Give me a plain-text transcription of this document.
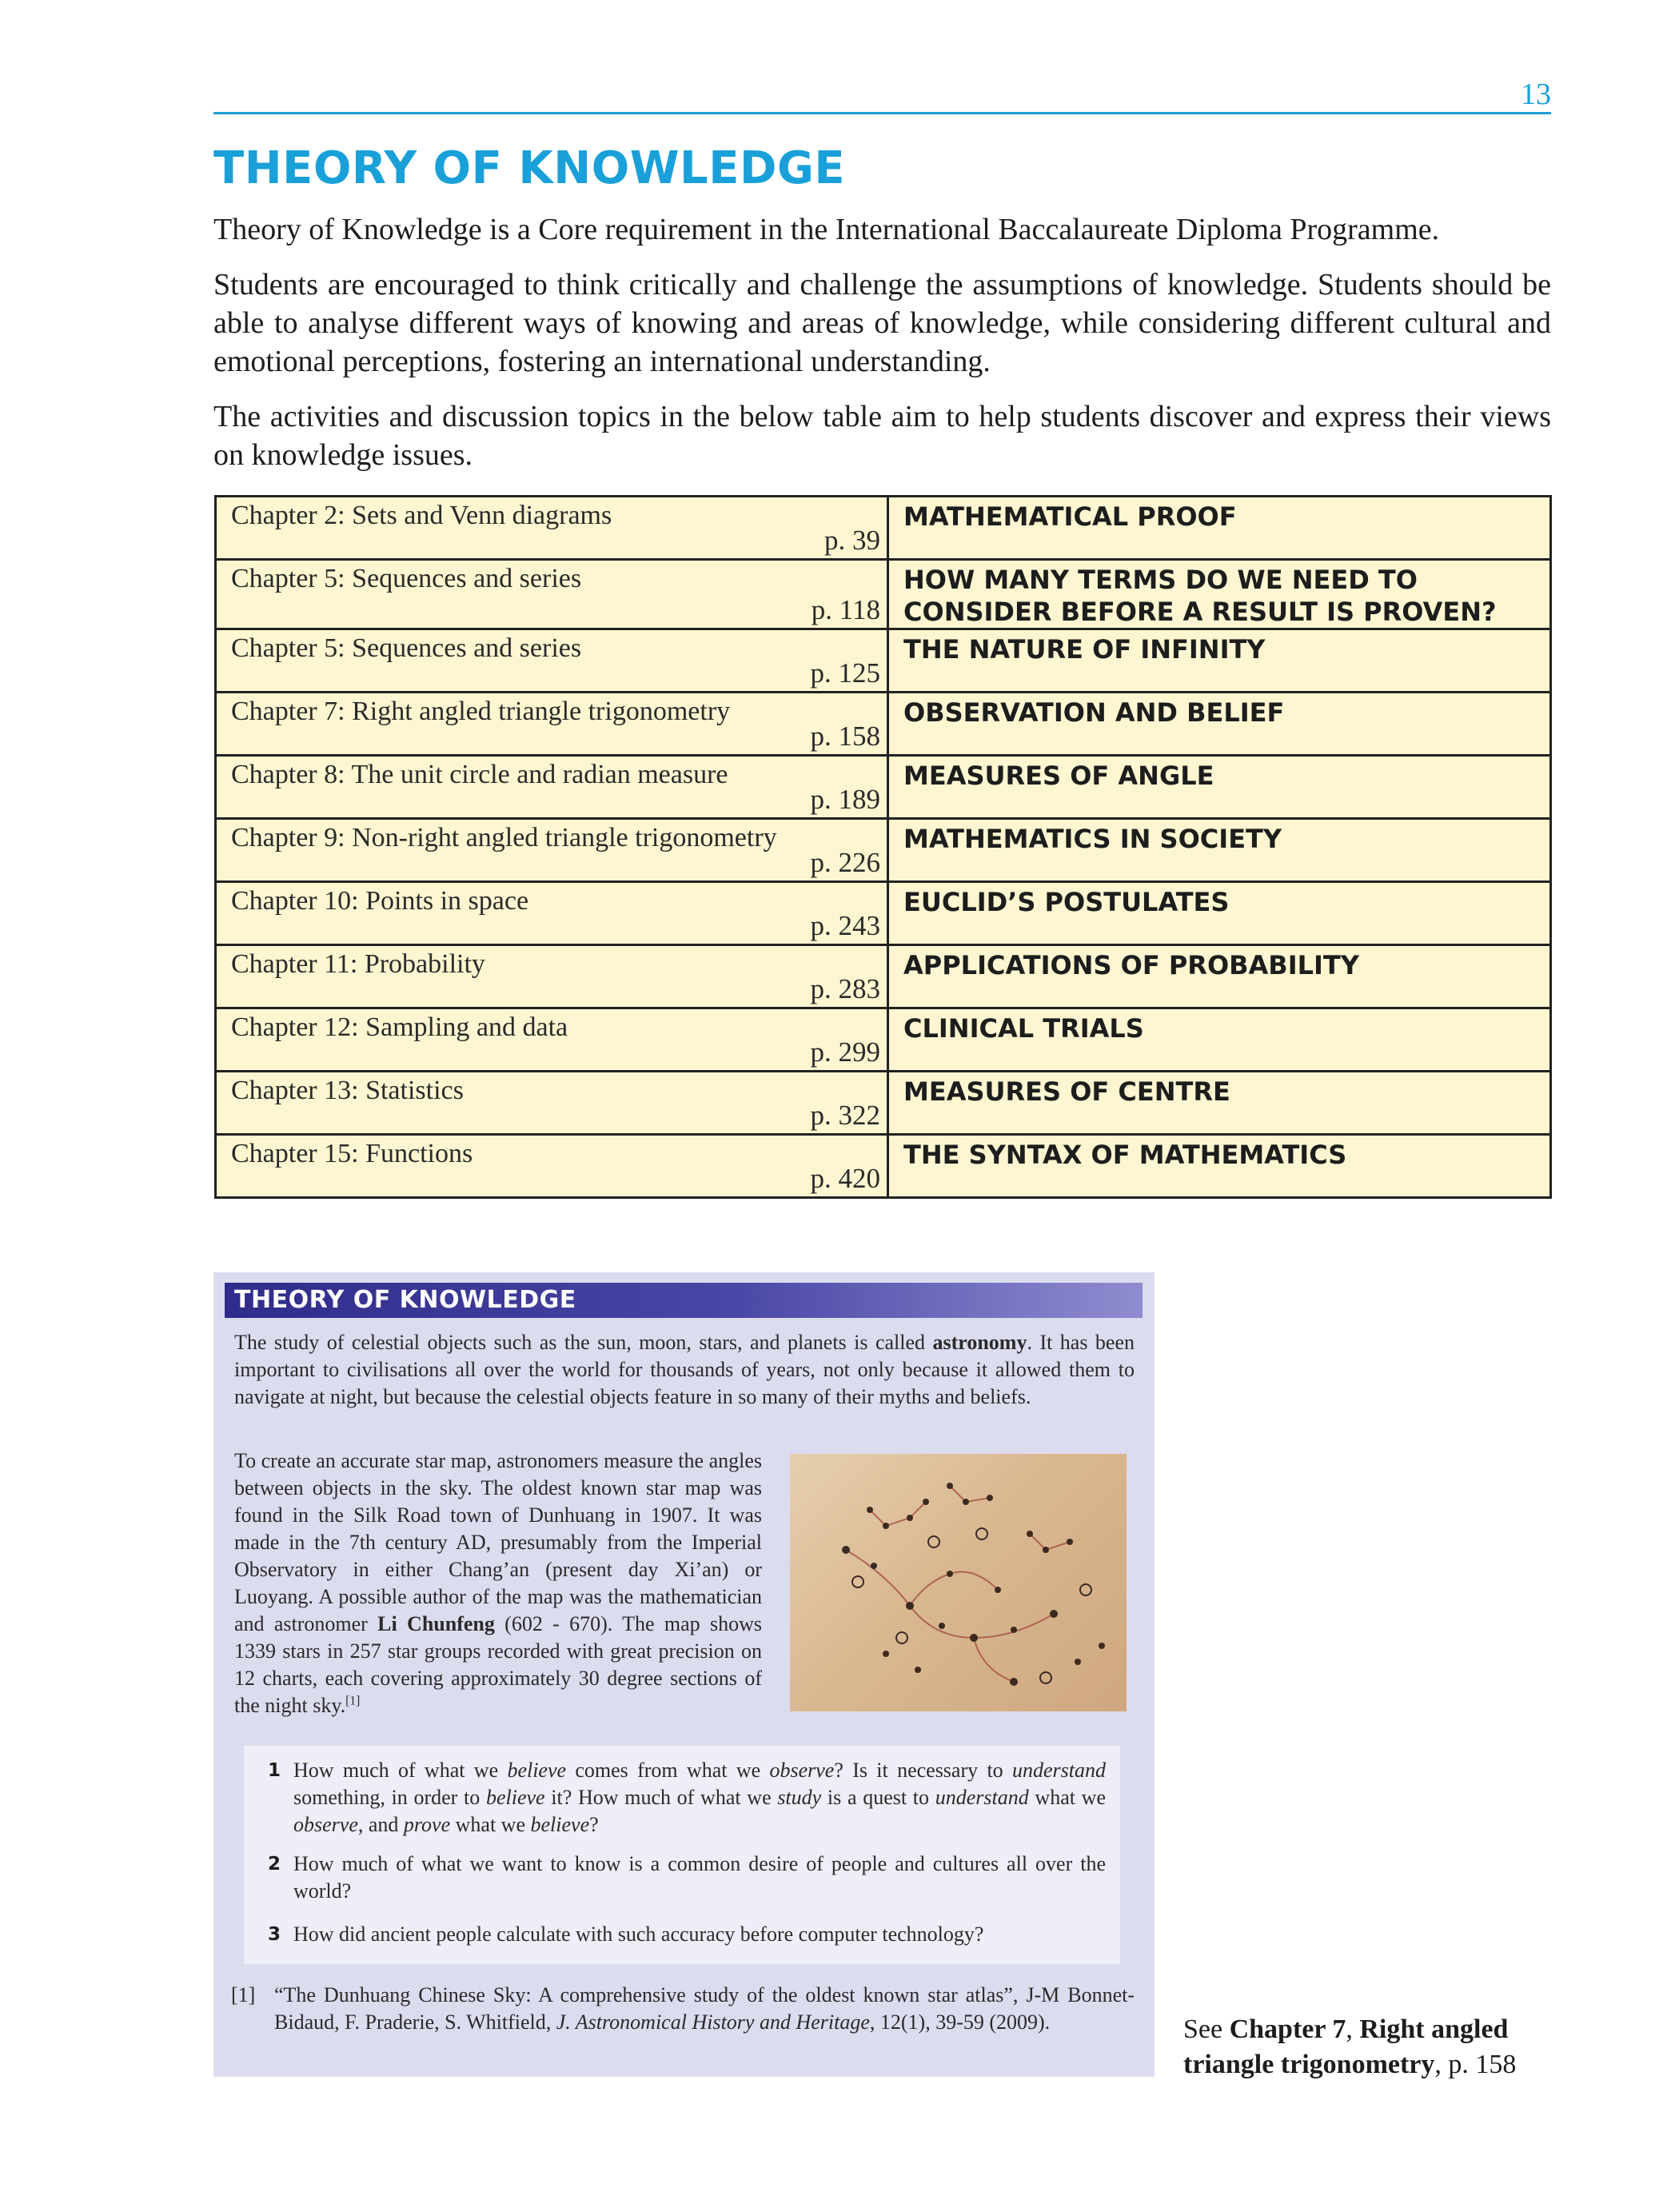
13
THEORY OF KNOWLEDGE

Theory of Knowledge is a Core requirement in the International Baccalaureate Diploma Programme.

Students are encouraged to think critically and challenge the assumptions of knowledge. Students should be able to analyse different ways of knowing and areas of knowledge, while considering different cultural and emotional perceptions, fostering an international understanding.

The activities and discussion topics in the below table aim to help students discover and express their views on knowledge issues.

Chapter 2: Sets and Venn diagrams
p. 39	MATHEMATICAL PROOF

Chapter 5: Sequences and series
p. 118	HOW MANY TERMS DO WE NEED TO CONSIDER BEFORE A RESULT IS PROVEN?

Chapter 5: Sequences and series
p. 125	THE NATURE OF INFINITY

Chapter 7: Right angled triangle trigonometry
p. 158	OBSERVATION AND BELIEF

Chapter 8: The unit circle and radian measure
p. 189	MEASURES OF ANGLE

Chapter 9: Non-right angled triangle trigonometry
p. 226	MATHEMATICS IN SOCIETY

Chapter 10: Points in space
p. 243	EUCLID’S POSTULATES

Chapter 11: Probability
p. 283	APPLICATIONS OF PROBABILITY

Chapter 12: Sampling and data
p. 299	CLINICAL TRIALS

Chapter 13: Statistics
p. 322	MEASURES OF CENTRE

Chapter 15: Functions
p. 420	THE SYNTAX OF MATHEMATICS
THEORY OF KNOWLEDGE

The study of celestial objects such as the sun, moon, stars, and planets is called astronomy. It has been important to civilisations all over the world for thousands of years, not only because it allowed them to navigate at night, but because the celestial objects feature in so many of their myths and beliefs.

To create an accurate star map, astronomers measure the angles between objects in the sky. The oldest known star map was found in the Silk Road town of Dunhuang in 1907. It was made in the 7th century AD, presumably from the Imperial Observatory in either Chang’an (present day Xi’an) or Luoyang. A possible author of the map was the mathematician and astronomer Li Chunfeng (602 - 670). The map shows 1339 stars in 257 star groups recorded with great precision on 12 charts, each covering approximately 30 degree sections of the night sky.[1]

1 How much of what we believe comes from what we observe? Is it necessary to understand something, in order to believe it? How much of what we study is a quest to understand what we observe, and prove what we believe?
2 How much of what we want to know is a common desire of people and cultures all over the world?
3 How did ancient people calculate with such accuracy before computer technology?
[1] “The Dunhuang Chinese Sky: A comprehensive study of the oldest known star atlas”, J-M Bonnet-Bidaud, F. Praderie, S. Whitfield, J. Astronomical History and Heritage, 12(1), 39-59 (2009).	See Chapter 7, Right angled triangle trigonometry, p. 158
